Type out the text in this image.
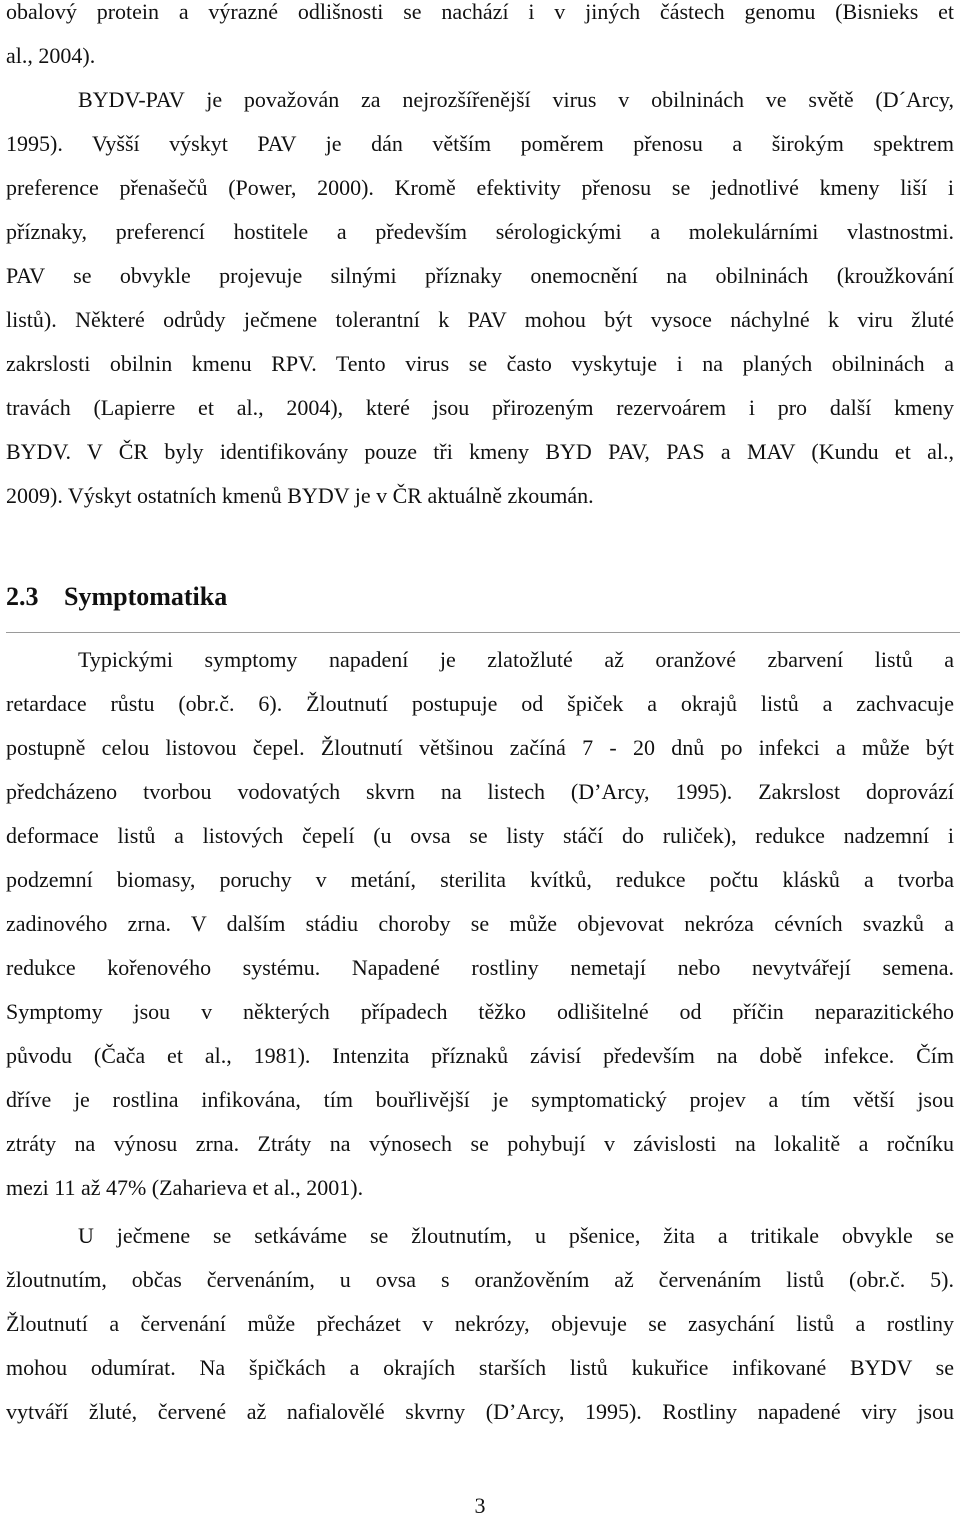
obalový protein a výrazné odlišnosti se nachází i v jiných částech genomu (Bisnieks et
al., 2004).
BYDV-PAV je považován za nejrozšířenější virus v obilninách ve světě (D´Arcy,
1995). Vyšší výskyt PAV je dán větším poměrem přenosu a širokým spektrem
preference přenašečů (Power, 2000). Kromě efektivity přenosu se jednotlivé kmeny liší i
příznaky, preferencí hostitele a především sérologickými a molekulárními vlastnostmi.
PAV se obvykle projevuje silnými příznaky onemocnění na obilninách (kroužkování
listů). Některé odrůdy ječmene tolerantní k PAV mohou být vysoce náchylné k viru žluté
zakrslosti obilnin kmenu RPV. Tento virus se často vyskytuje i na planých obilninách a
travách (Lapierre et al., 2004), které jsou přirozeným rezervoárem i pro další kmeny
BYDV. V ČR byly identifikovány pouze tři kmeny BYD PAV, PAS a MAV (Kundu et al.,
2009). Výskyt ostatních kmenů BYDV je v ČR aktuálně zkoumán.
2.3 Symptomatika
Typickými symptomy napadení je zlatožluté až oranžové zbarvení listů a
retardace růstu (obr.č. 6). Žloutnutí postupuje od špiček a okrajů listů a zachvacuje
postupně celou listovou čepel. Žloutnutí většinou začíná 7 - 20 dnů po infekci a může být
předcházeno tvorbou vodovatých skvrn na listech (D’Arcy, 1995). Zakrslost doprovází
deformace listů a listových čepelí (u ovsa se listy stáčí do ruliček), redukce nadzemní i
podzemní biomasy, poruchy v metání, sterilita kvítků, redukce počtu klásků a tvorba
zadinového zrna. V dalším stádiu choroby se může objevovat nekróza cévních svazků a
redukce kořenového systému. Napadené rostliny nemetají nebo nevytvářejí semena.
Symptomy jsou v některých případech těžko odlišitelné od příčin neparazitického
původu (Čača et al., 1981). Intenzita příznaků závisí především na době infekce. Čím
dříve je rostlina infikována, tím bouřlivější je symptomatický projev a tím větší jsou
ztráty na výnosu zrna. Ztráty na výnosech se pohybují v závislosti na lokalitě a ročníku
mezi 11 až 47% (Zaharieva et al., 2001).
U ječmene se setkáváme se žloutnutím, u pšenice, žita a tritikale obvykle se
žloutnutím, občas červenáním, u ovsa s oranžověním až červenáním listů (obr.č. 5).
Žloutnutí a červenání může přecházet v nekrózy, objevuje se zasychání listů a rostliny
mohou odumírat. Na špičkách a okrajích starších listů kukuřice infikované BYDV se
vytváří žluté, červené až nafialovělé skvrny (D’Arcy, 1995). Rostliny napadené viry jsou
3
